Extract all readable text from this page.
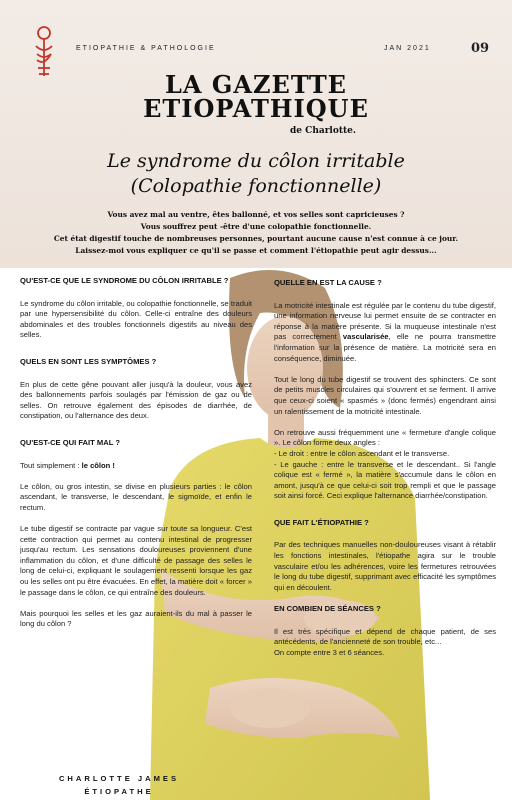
ETIOPATHIE & PATHOLOGIE	JAN 2021	09
LA GAZETTE
ETIOPATHIQUE
de Charlotte.
Le syndrome du côlon irritable
(Colopathie fonctionnelle)
Vous avez mal au ventre, êtes ballonné, et vos selles sont capricieuses ?
Vous souffrez peut -être d'une colopathie fonctionnelle.
Cet état digestif touche de nombreuses personnes, pourtant aucune cause n'est connue à ce jour.
Laissez-moi vous expliquer ce qu'il se passe et comment l'étiopathie peut agir dessus...
QU'EST-CE QUE LE SYNDROME DU CÔLON IRRITABLE ?

Le syndrome du côlon irritable, ou colopathie fonctionnelle, se traduit par une hypersensibilité du côlon. Celle-ci entraîne des douleurs abdominales et des troubles fonctionnels digestifs au niveau des selles.

QUELS EN SONT LES SYMPTÔMES ?

En plus de cette gêne pouvant aller jusqu'à la douleur, vous avez des ballonnements parfois soulagés par l'émission de gaz ou de selles. On retrouve également des épisodes de diarrhée, de constipation, ou l'alternance des deux.

QU'EST-CE QUI FAIT MAL ?

Tout simplement : le côlon !

Le côlon, ou gros intestin, se divise en plusieurs parties : le côlon ascendant, le transverse, le descendant, le sigmoïde, et enfin le rectum.

Le tube digestif se contracte par vague sur toute sa longueur. C'est cette contraction qui permet au contenu intestinal de progresser jusqu'au rectum. Les sensations douloureuses proviennent d'une inflammation du côlon, et d'une difficulté de passage des selles le long de celui-ci, expliquant le soulagement ressenti lorsque les gaz ou les selles ont pu être évacuées. En effet, la matière doit « forcer » le passage dans le côlon, ce qui entraîne des douleurs.

Mais pourquoi les selles et les gaz auraient-ils du mal à passer le long du côlon ?

QUELLE EN EST LA CAUSE ?

La motricité intestinale est régulée par le contenu du tube digestif, une information nerveuse lui permet ensuite de se contracter en réponse à la matière présente. Si la muqueuse intestinale n'est pas correctement vascularisée, elle ne pourra transmettre l'information sur la présence de matière. La motricité sera en conséquence, diminuée.

Tout le long du tube digestif se trouvent des sphincters. Ce sont de petits muscles circulaires qui s'ouvrent et se ferment. Il arrive que ceux-ci soient « spasmés » (donc fermés) engendrant ainsi un ralentissement de la motricité intestinale.

On retrouve aussi fréquemment une « fermeture d'angle colique ». Le côlon forme deux angles :

- Le droit : entre le côlon ascendant et le transverse.

- Le gauche : entre le transverse et le descendant.. Si l'angle colique est « fermé », la matière s'accumule dans le côlon en amont, jusqu'à ce que celui-ci soit trop rempli et que le passage soit ainsi forcé. Ceci explique l'alternance diarrhée/constipation.

QUE FAIT L'ÉTIOPATHIE ?

Par des techniques manuelles non-douloureuses visant à rétablir les fonctions intestinales, l'étiopathe agira sur le trouble vasculaire et/ou les adhérences, voire les fermetures retrouvées le long du tube digestif, supprimant avec efficacité les symptômes qui en découlent.

EN COMBIEN DE SÉANCES ?

Il est très spécifique et dépend de chaque patient, de ses antécédents, de l'ancienneté de son trouble, etc...

On compte entre 3 et 6 séances.

CHARLOTTE JAMES
ÉTIOPATHE
